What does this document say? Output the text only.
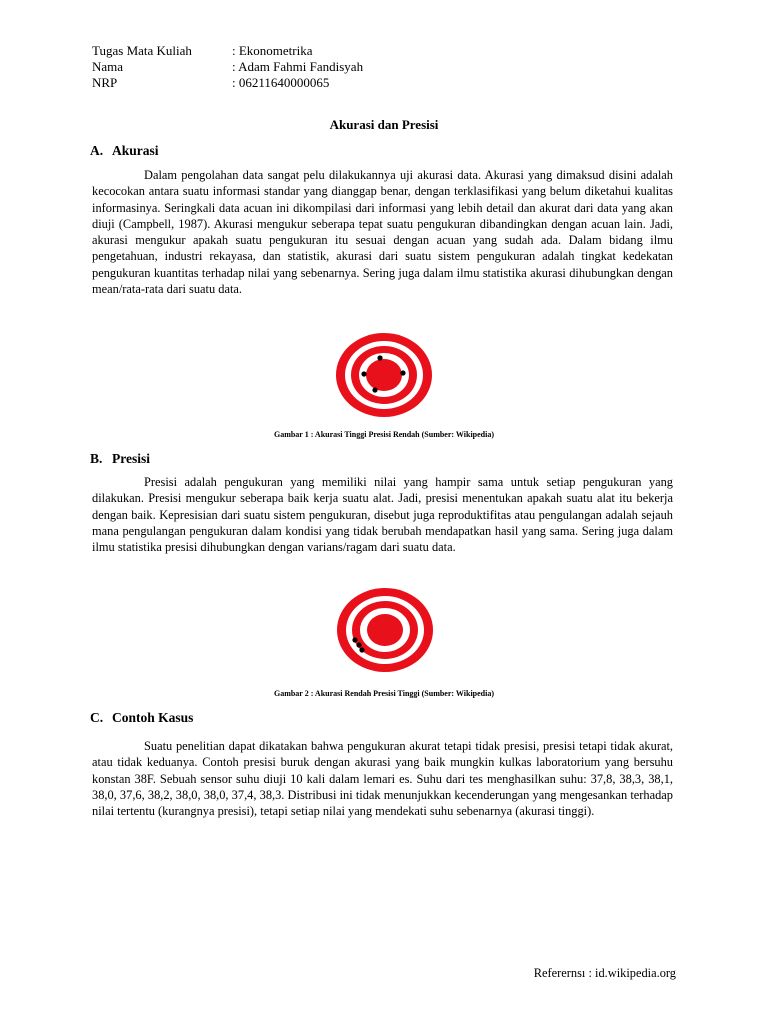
Tugas Mata Kuliah	: Ekonometrika
Nama	: Adam Fahmi Fandisyah
NRP	: 06211640000065
Akurasi dan Presisi
A. Akurasi

Dalam pengolahan data sangat pelu dilakukannya uji akurasi data. Akurasi yang dimaksud disini adalah kecocokan antara suatu informasi standar yang dianggap benar, dengan terklasifikasi yang belum diketahui kualitas informasinya. Seringkali data acuan ini dikompilasi dari informasi yang lebih detail dan akurat dari data yang akan diuji (Campbell, 1987). Akurasi mengukur seberapa tepat suatu pengukuran dibandingkan dengan acuan lain. Jadi, akurasi mengukur apakah suatu pengukuran itu sesuai dengan acuan yang sudah ada. Dalam bidang ilmu pengetahuan, industri rekayasa, dan statistik, akurasi dari suatu sistem pengukuran adalah tingkat kedekatan pengukuran kuantitas terhadap nilai yang sebenarnya. Sering juga dalam ilmu statistika akurasi dihubungkan dengan mean/rata-rata dari suatu data.

Gambar 1 : Akurasi Tinggi Presisi Rendah (Sumber: Wikipedia)
B. Presisi

Presisi adalah pengukuran yang memiliki nilai yang hampir sama untuk setiap pengukuran yang dilakukan. Presisi mengukur seberapa baik kerja suatu alat. Jadi, presisi menentukan apakah suatu alat itu bekerja dengan baik. Kepresisian dari suatu sistem pengukuran, disebut juga reproduktifitas atau pengulangan adalah sejauh mana pengulangan pengukuran dalam kondisi yang tidak berubah mendapatkan hasil yang sama. Sering juga dalam ilmu statistika presisi dihubungkan dengan varians/ragam dari suatu data.

Gambar 2 : Akurasi Rendah Presisi Tinggi (Sumber: Wikipedia)
C. Contoh Kasus

Suatu penelitian dapat dikatakan bahwa pengukuran akurat tetapi tidak presisi, presisi tetapi tidak akurat, atau tidak keduanya. Contoh presisi buruk dengan akurasi yang baik mungkin kulkas laboratorium yang bersuhu konstan 38F. Sebuah sensor suhu diuji 10 kali dalam lemari es. Suhu dari tes menghasilkan suhu: 37,8, 38,3, 38,1, 38,0, 37,6, 38,2, 38,0, 38,0, 37,4, 38,3. Distribusi ini tidak menunjukkan kecenderungan yang mengesankan terhadap nilai tertentu (kurangnya presisi), tetapi setiap nilai yang mendekati suhu sebenarnya (akurasi tinggi).

Referernsı : id.wikipedia.org
